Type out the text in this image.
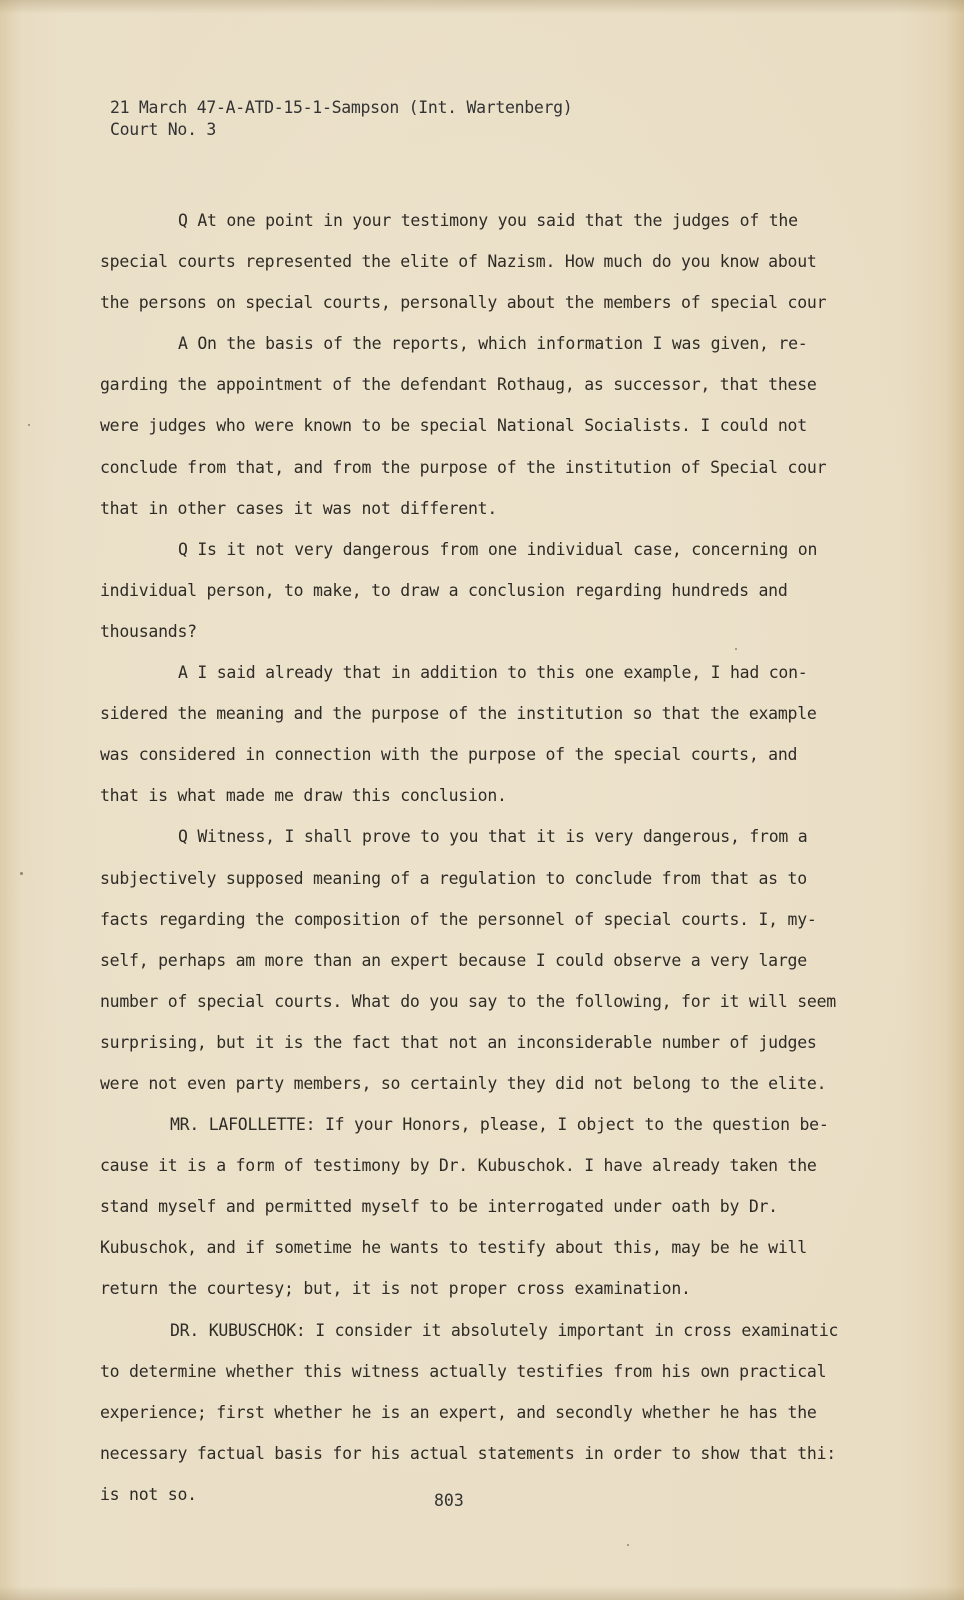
21 March 47-A-ATD-15-1-Sampson (Int. Wartenberg)
Court No. 3
Q At one point in your testimony you said that the judges of the
special courts represented the elite of Nazism. How much do you know about
the persons on special courts, personally about the members of special cour
A On the basis of the reports, which information I was given, re-
garding the appointment of the defendant Rothaug, as successor, that these
were judges who were known to be special National Socialists. I could not
conclude from that, and from the purpose of the institution of Special cour
that in other cases it was not different.
Q Is it not very dangerous from one individual case, concerning on
individual person, to make, to draw a conclusion regarding hundreds and
thousands?
A I said already that in addition to this one example, I had con-
sidered the meaning and the purpose of the institution so that the example
was considered in connection with the purpose of the special courts, and
that is what made me draw this conclusion.
Q Witness, I shall prove to you that it is very dangerous, from a
subjectively supposed meaning of a regulation to conclude from that as to
facts regarding the composition of the personnel of special courts. I, my-
self, perhaps am more than an expert because I could observe a very large
number of special courts. What do you say to the following, for it will seem
surprising, but it is the fact that not an inconsiderable number of judges
were not even party members, so certainly they did not belong to the elite.
MR. LAFOLLETTE: If your Honors, please, I object to the question be-
cause it is a form of testimony by Dr. Kubuschok. I have already taken the
stand myself and permitted myself to be interrogated under oath by Dr.
Kubuschok, and if sometime he wants to testify about this, may be he will
return the courtesy; but, it is not proper cross examination.
DR. KUBUSCHOK: I consider it absolutely important in cross examinatic
to determine whether this witness actually testifies from his own practical
experience; first whether he is an expert, and secondly whether he has the
necessary factual basis for his actual statements in order to show that thi:
is not so.	803
